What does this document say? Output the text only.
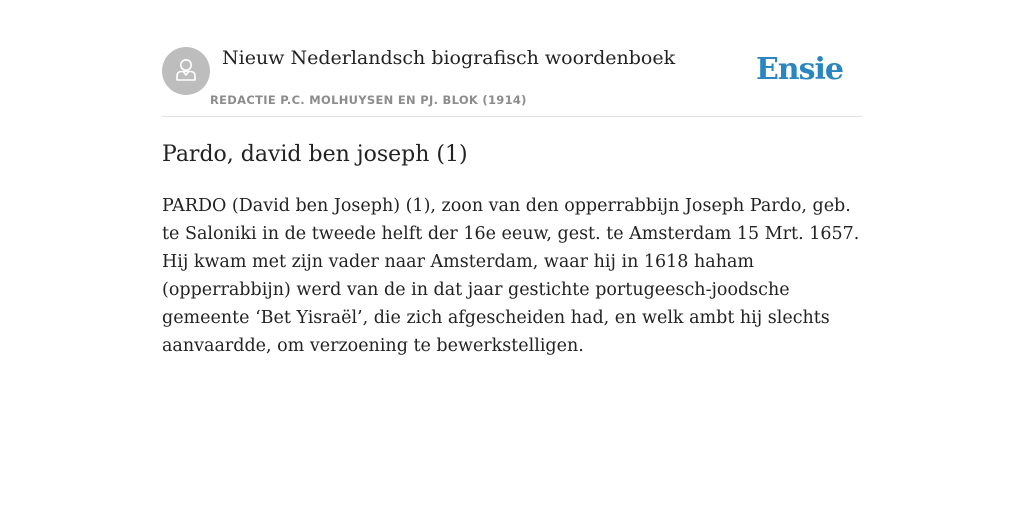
Nieuw Nederlandsch biografisch woordenboek
REDACTIE P.C. MOLHUYSEN EN PJ. BLOK (1914)
Ensie
Pardo, david ben joseph (1)

PARDO (David ben Joseph) (1), zoon van den opperrabbijn Joseph Pardo, geb. te Saloniki in de tweede helft der 16e eeuw, gest. te Amsterdam 15 Mrt. 1657. Hij kwam met zijn vader naar Amsterdam, waar hij in 1618 haham (opperrabbijn) werd van de in dat jaar gestichte portugeesch-joodsche gemeente ‘Bet Yisraël’, die zich afgescheiden had, en welk ambt hij slechts aanvaardde, om verzoening te bewerkstelligen.
